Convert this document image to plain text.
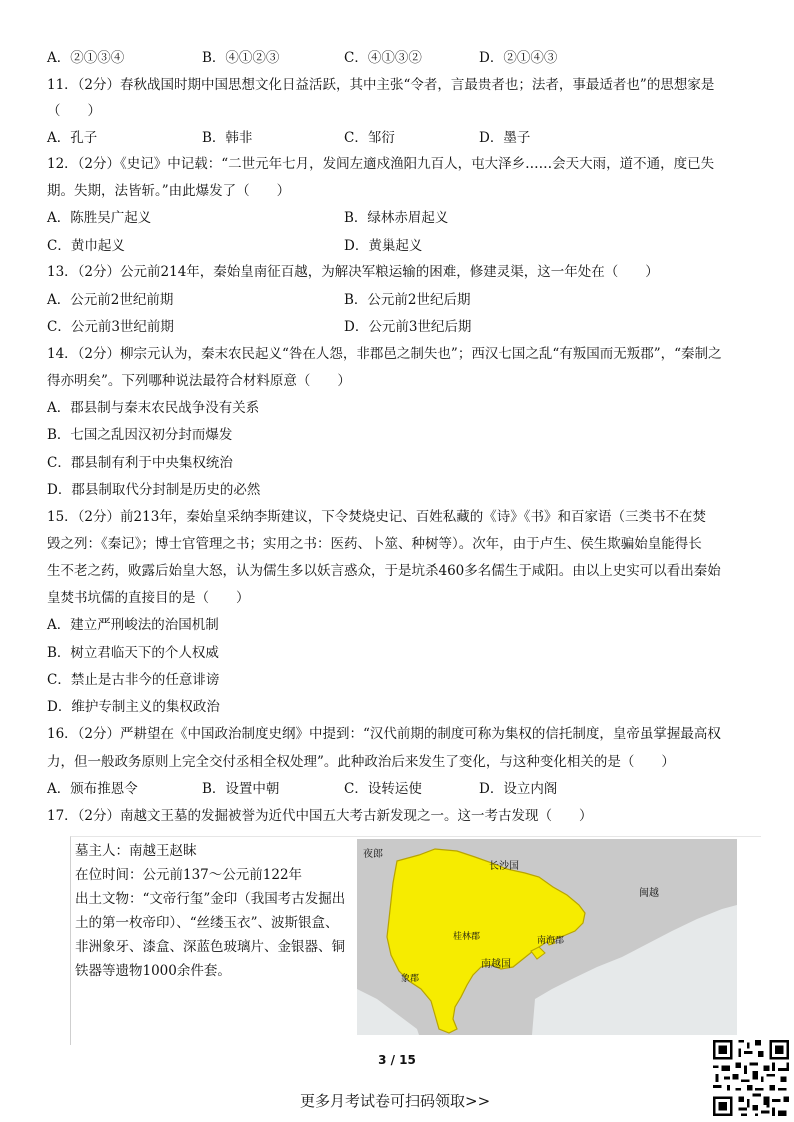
A．②①③④	B．④①②③	C．④①③②	D．②①④③
11．（2分）春秋战国时期中国思想文化日益活跃，其中主张“令者，言最贵者也；法者，事最适者也”的思想家是
（　　）
A．孔子	B．韩非	C．邹衍	D．墨子
12．（2分）《史记》中记载：“二世元年七月，发闾左適戍渔阳九百人，屯大泽乡……会天大雨，道不通，度已失
期。失期，法皆斩。”由此爆发了（　　）
A．陈胜吴广起义	B．绿林赤眉起义
C．黄巾起义	D．黄巢起义
13．（2分）公元前214年，秦始皇南征百越，为解决军粮运输的困难，修建灵渠，这一年处在（　　）
A．公元前2世纪前期	B．公元前2世纪后期
C．公元前3世纪前期	D．公元前3世纪后期
14．（2分）柳宗元认为，秦末农民起义“咎在人怨，非郡邑之制失也”；西汉七国之乱“有叛国而无叛郡”，“秦制之
得亦明矣”。下列哪种说法最符合材料原意（　　）
A．郡县制与秦末农民战争没有关系
B．七国之乱因汉初分封而爆发
C．郡县制有利于中央集权统治
D．郡县制取代分封制是历史的必然
15．（2分）前213年，秦始皇采纳李斯建议，下令焚烧史记、百姓私藏的《诗》《书》和百家语（三类书不在焚
毁之列：《秦记》；博士官管理之书；实用之书：医药、卜筮、种树等）。次年，由于卢生、侯生欺骗始皇能得长
生不老之药，败露后始皇大怒，认为儒生多以妖言惑众，于是坑杀460多名儒生于咸阳。由以上史实可以看出秦始
皇焚书坑儒的直接目的是（　　）
A．建立严刑峻法的治国机制
B．树立君临天下的个人权威
C．禁止是古非今的任意诽谤
D．维护专制主义的集权政治
16．（2分）严耕望在《中国政治制度史纲》中提到：“汉代前期的制度可称为集权的信托制度，皇帝虽掌握最高权
力，但一般政务原则上完全交付丞相全权处理”。此种政治后来发生了变化，与这种变化相关的是（　　）
A．颁布推恩令	B．设置中朝	C．设转运使	D．设立内阁
17．（2分）南越文王墓的发掘被誉为近代中国五大考古新发现之一。这一考古发现（　　）
墓主人：南越王赵眜
在位时间：公元前137～公元前122年
出土文物：“文帝行玺”金印（我国考古发掘出
土的第一枚帝印）、“丝缕玉衣”、波斯银盒、
非洲象牙、漆盒、深蓝色玻璃片、金银器、铜
铁器等遗物1000余件套。
夜郎
长沙国
闽越
桂林郡	南海郡
南越国
象郡
3 / 15
更多月考试卷可扫码领取>>
